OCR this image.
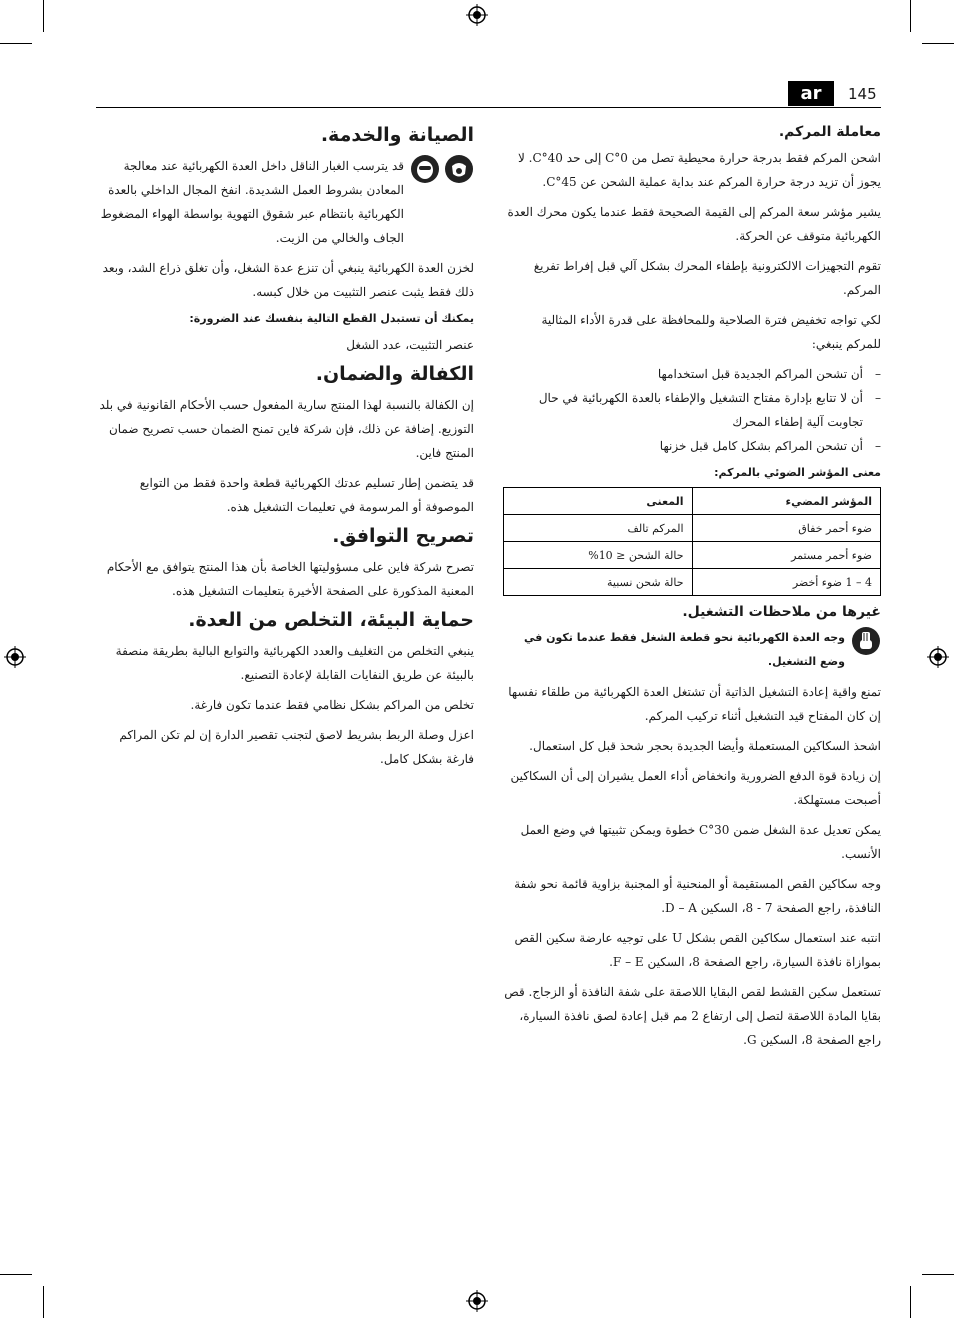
ar	145
معاملة المركم.

اشحن المركم فقط بدرجة حرارة محيطية تصل من 0°C إلى حد 40°C. لا يجوز أن تزيد درجة حرارة المركم عند بداية عملية الشحن عن 45°C.

يشير مؤشر سعة المركم إلى القيمة الصحيحة فقط عندما يكون محرك العدة الكهربائية متوقف عن الحركة.

تقوم التجهيزات الالكترونية بإطفاء المحرك بشكل آلي قبل إفراط تفريغ المركم.

لكي تواجه تخفيض فترة الصلاحية وللمحافظة على قدرة الأداء المثالية للمركم ينبغي:

– أن تشحن المراكم الجديدة قبل استخدامها
– أن لا تتابع بإدارة مفتاح التشغيل والإطفاء بالعدة الكهربائية في حال تجاوبت آلية إطفاء المحرك
– أن تشحن المراكم بشكل كامل قبل خزنها
معنى المؤشر الضوئي بالمركم:
المؤشر المضيء	المعنى
ضوء أحمر خفاق	المركم تالف
ضوء أحمر مستمر	حالة الشحن ≤ 10%
4 – 1 ضوء أخضر	حالة شحن نسبية
غيرها من ملاحظات التشغيل.
وجه العدة الكهربائية نحو قطعة الشغل فقط عندما تكون في وضع التشغيل.

تمنع واقية إعادة التشغيل الذاتية أن تشتغل العدة الكهربائية من طلقاء نفسها إن كان المفتاح قيد التشغيل أثناء تركيب المركم.

اشحذ السكاكين المستعملة وأيضا الجديدة بحجر شحذ قبل كل استعمال.

إن زيادة قوة الدفع الضرورية وانخفاض أداء العمل يشيران إلى أن السكاكين أصبحت مستهلكة.

يمكن تعديل عدة الشغل ضمن 30°C خطوة ويمكن تثبيتها في وضع العمل الأنسب.

وجه سكاكين القص المستقيمة أو المنحنية أو المجنبة بزاوية قائمة نحو شفة النافذة، راجع الصفحة 7 - 8، السكين D – A.

انتبه عند استعمال سكاكين القص بشكل U على توجيه عارضة سكين القص بموازاة نافذة السيارة، راجع الصفحة 8، السكين F – E.

تستعمل سكين القشط لقص البقايا اللاصقة على شفة النافذة أو الزجاج. قص بقايا المادة اللاصقة لتصل إلى ارتفاع 2 مم قبل إعادة لصق نافذة السيارة، راجع الصفحة 8، السكين G.

الصيانة والخدمة.

قد يترسب الغبار الناقل داخل العدة الكهربائية عند معالجة المعادن بشروط العمل الشديدة. انفخ المجال الداخلي بالعدة الكهربائية بانتظام عبر شقوق التهوية بواسطة الهواء المضغوط الجاف والخالي من الزيت.

لخزن العدة الكهربائية ينبغي أن تنزع عدة الشغل، وأن تغلق ذراع الشد، وبعد ذلك فقط يثبت عنصر التثبيت من خلال كبسه.

يمكنك أن تستبدل القطع التالية بنفسك عند الضرورة:

عنصر التثبيت، عدد الشغل

الكفالة والضمان.

إن الكفالة بالنسبة لهذا المنتج سارية المفعول حسب الأحكام القانونية في بلد التوزيع. إضافة عن ذلك، فإن شركة فاين تمنح الضمان حسب تصريح ضمان المنتج فاين.

قد يتضمن إطار تسليم عدتك الكهربائية قطعة واحدة فقط من التوابع الموصوفة أو المرسومة في تعليمات التشغيل هذه.

تصريح التوافق.

تصرح شركة فاين على مسؤوليتها الخاصة بأن هذا المنتج يتوافق مع الأحكام المعنية المذكورة على الصفحة الأخيرة بتعليمات التشغيل هذه.

حماية البيئة، التخلص من العدة.

ينبغي التخلص من التغليف والعدد الكهربائية والتوابع البالية بطريقة منصفة بالبيئة عن طريق النفايات القابلة لإعادة التصنيع.

تخلص من المراكم بشكل نظامي فقط عندما تكون فارغة.

اعزل وصلة الربط بشريط لاصق لتجنب تقصير الدارة إن لم تكن المراكم فارغة بشكل كامل.
